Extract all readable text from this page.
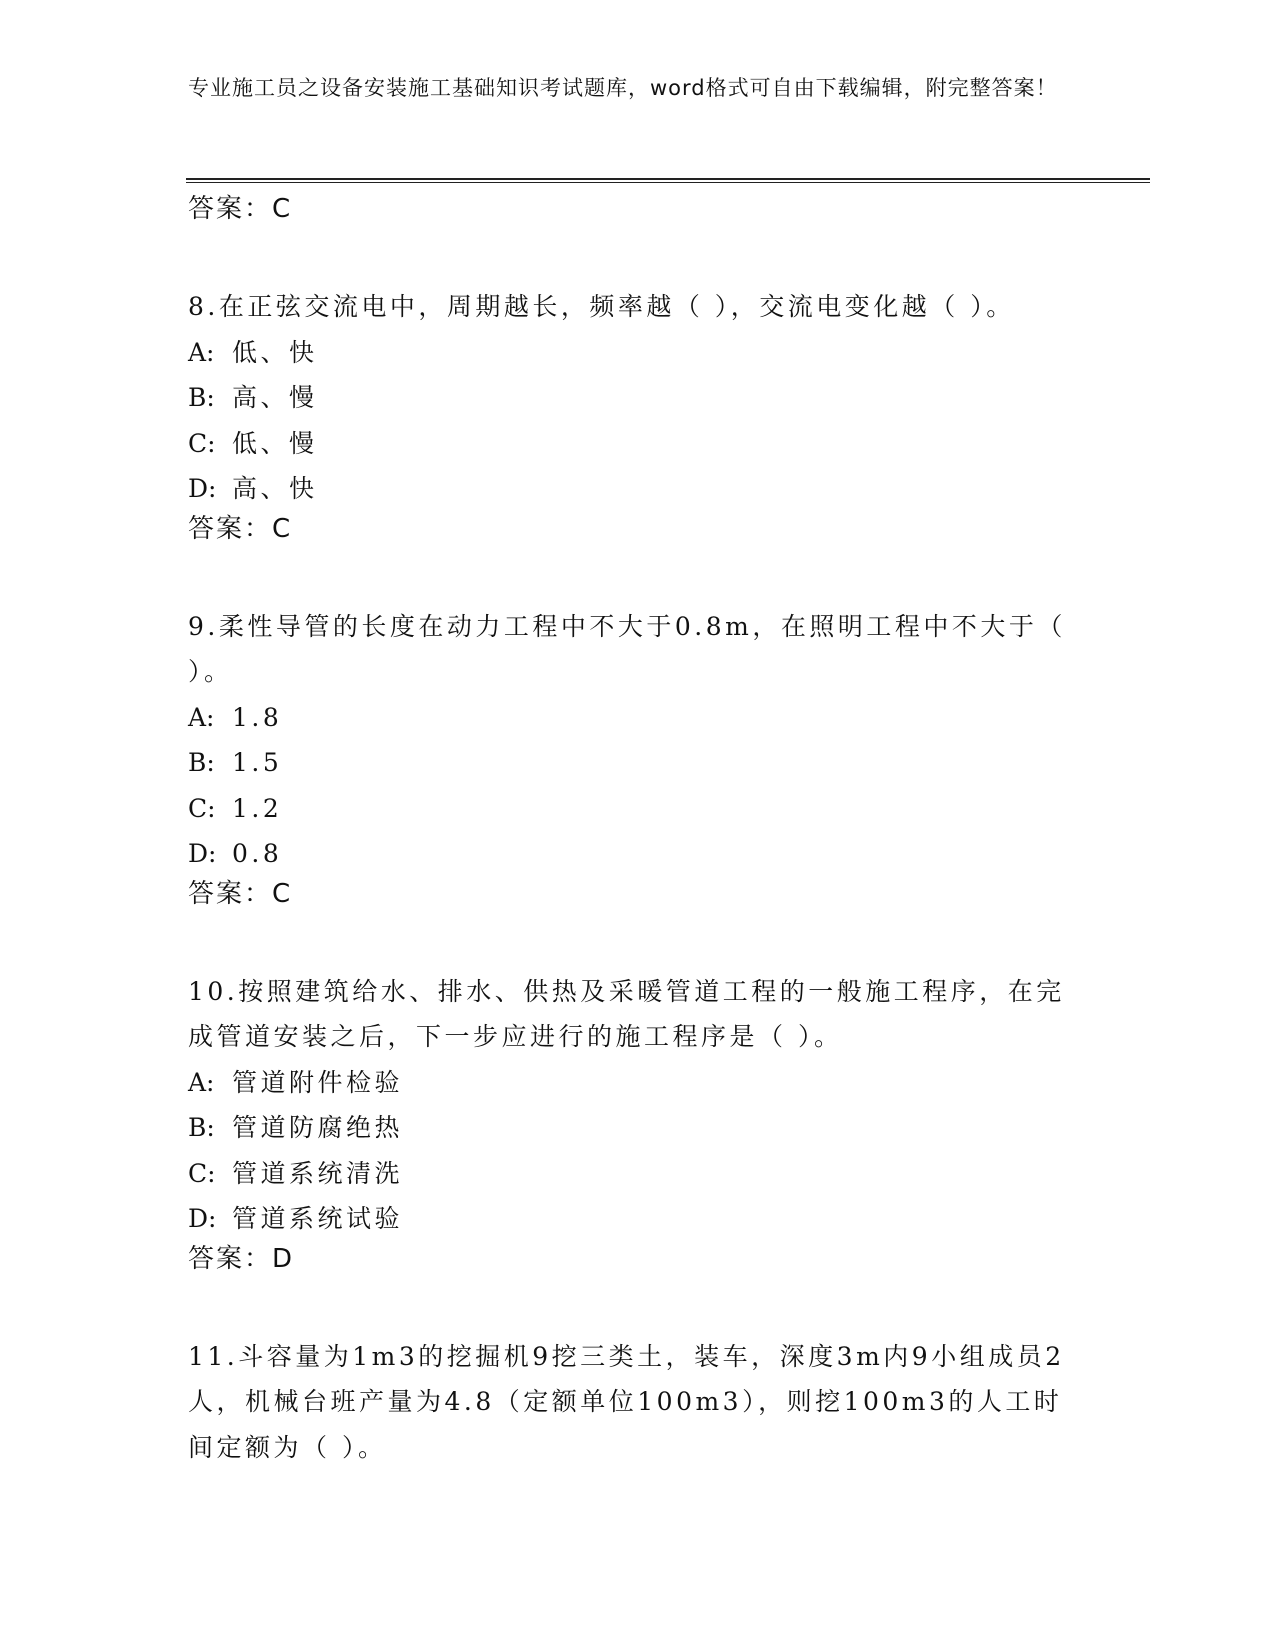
专业施工员之设备安装施工基础知识考试题库，word格式可自由下载编辑，附完整答案！
答案：C

8.在正弦交流电中，周期越长，频率越（ ），交流电变化越（ ）。

A: 低、快
B: 高、慢
C: 低、慢
D: 高、快
答案：C

9.柔性导管的长度在动力工程中不大于0.8m，在照明工程中不大于（ ）。

A: 1.8
B: 1.5
C: 1.2
D: 0.8
答案：C

10.按照建筑给水、排水、供热及采暖管道工程的一般施工程序，在完成管道安装之后，下一步应进行的施工程序是（ ）。

A: 管道附件检验
B: 管道防腐绝热
C: 管道系统清洗
D: 管道系统试验
答案：D

11.斗容量为1m3的挖掘机9挖三类土，装车，深度3m内9小组成员2人，机械台班产量为4.8（定额单位100m3），则挖100m3的人工时间定额为（ ）。
